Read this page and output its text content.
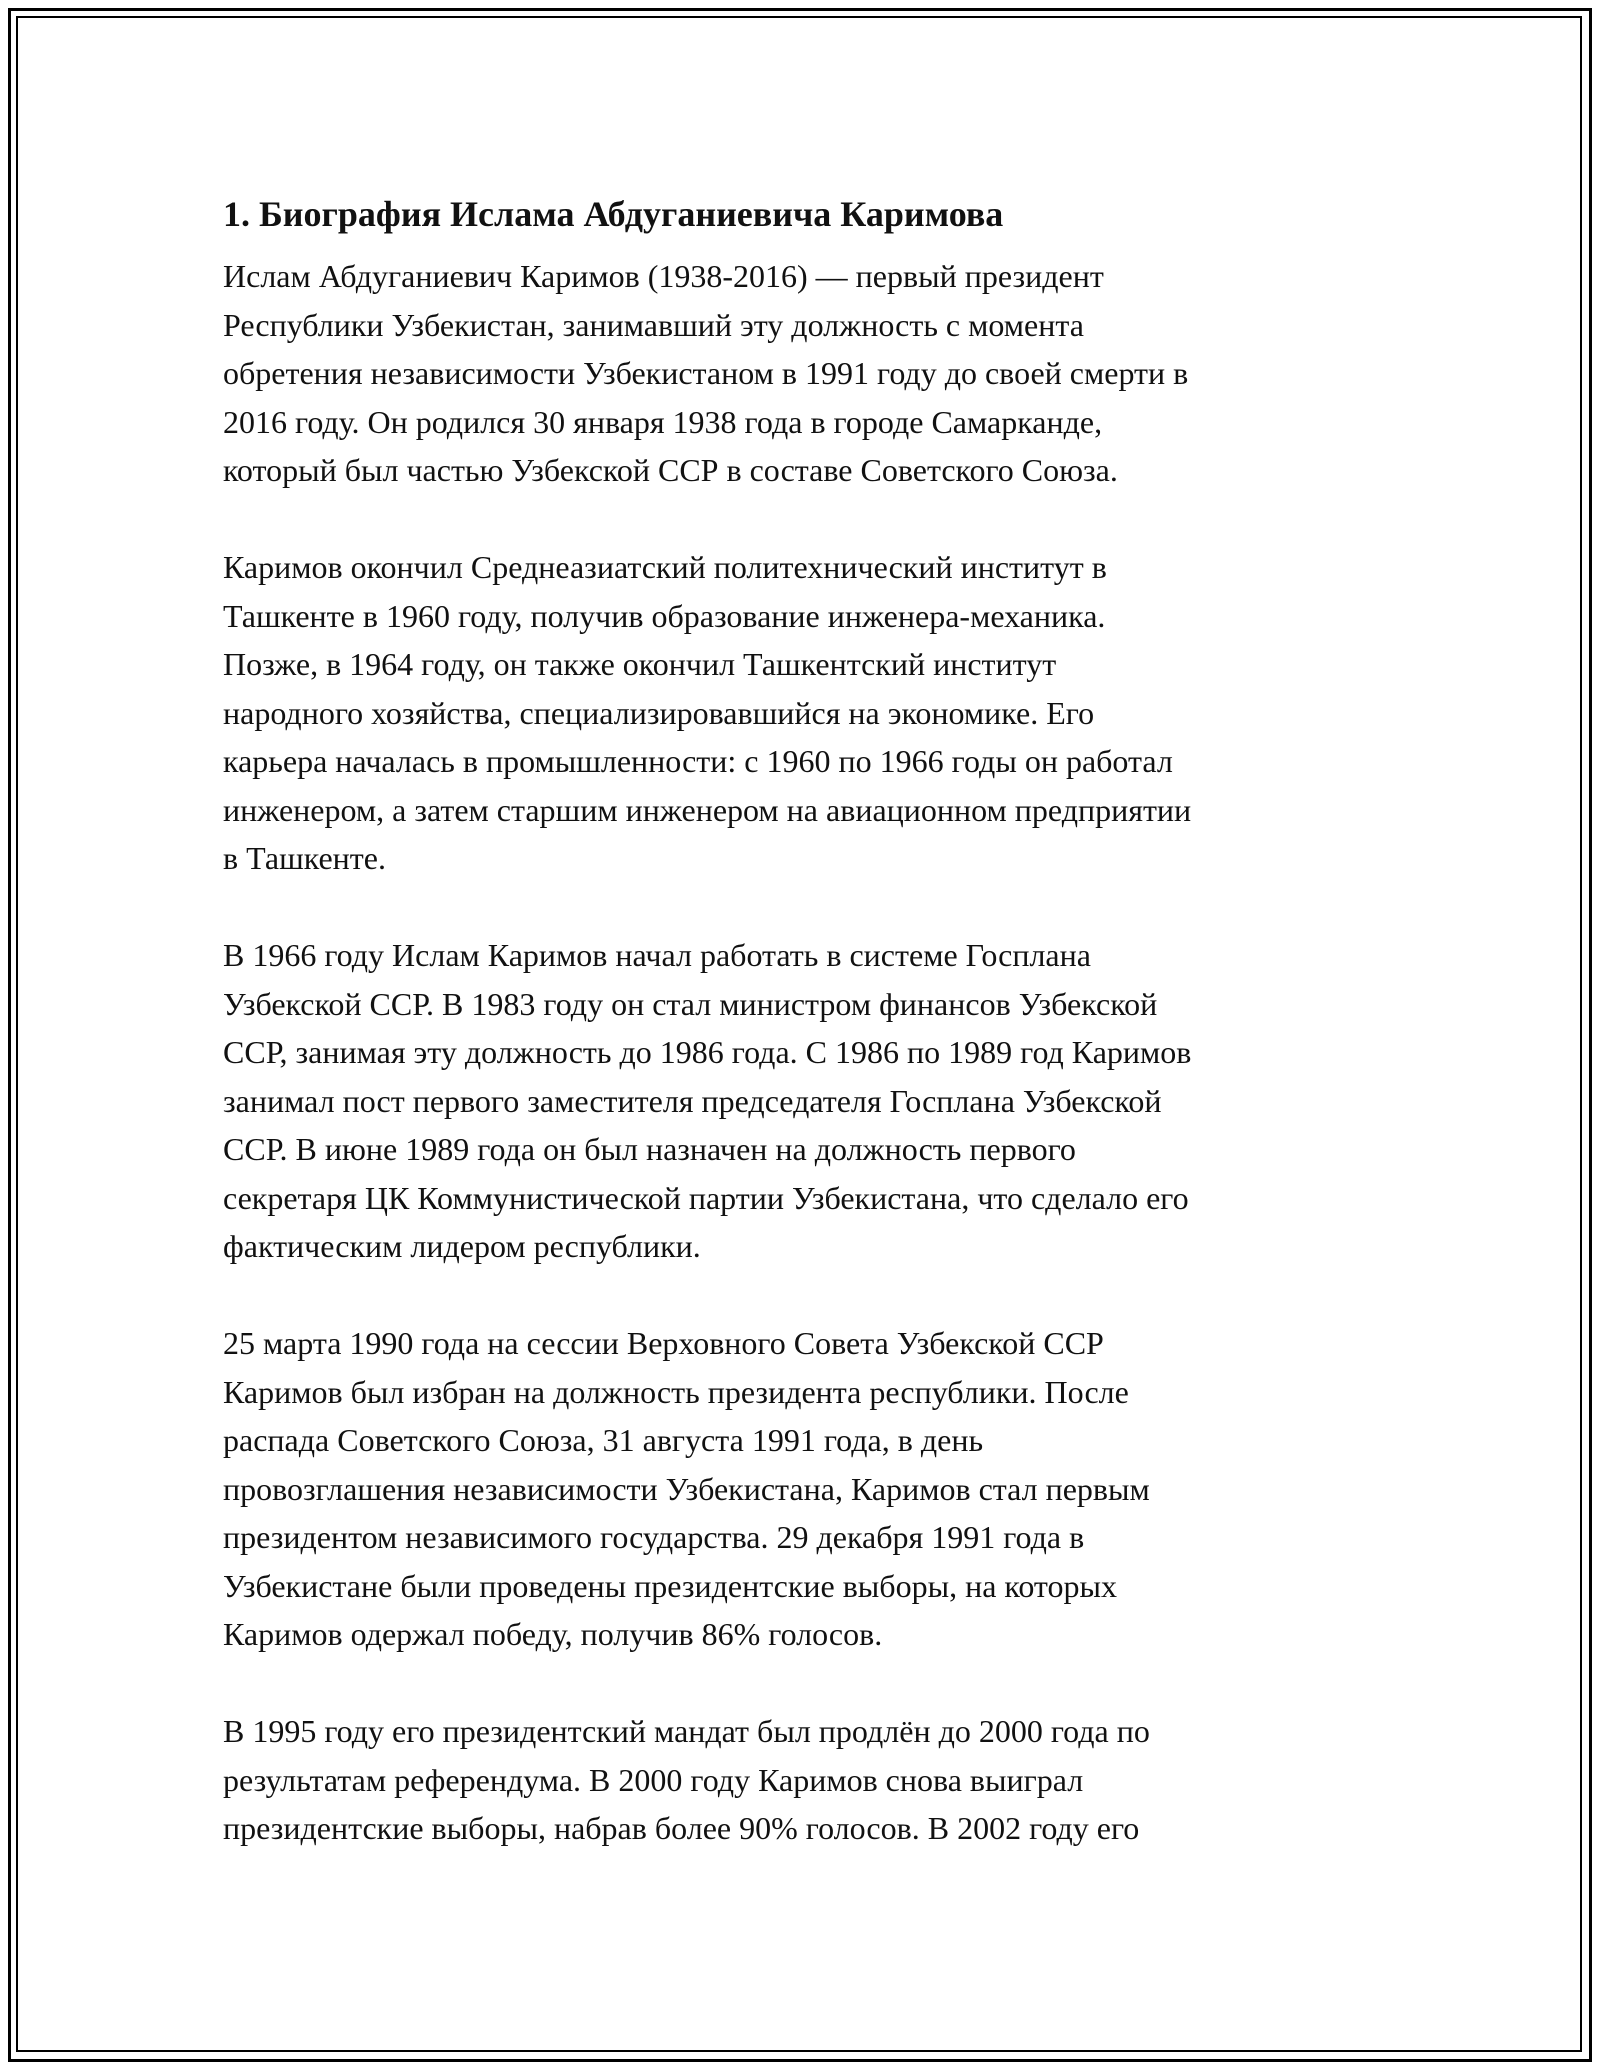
1. Биография Ислама Абдуганиевича Каримова

Ислам Абдуганиевич Каримов (1938-2016) — первый президент
Республики Узбекистан, занимавший эту должность с момента
обретения независимости Узбекистаном в 1991 году до своей смерти в
2016 году. Он родился 30 января 1938 года в городе Самарканде,
который был частью Узбекской ССР в составе Советского Союза.

Каримов окончил Среднеазиатский политехнический институт в
Ташкенте в 1960 году, получив образование инженера-механика.
Позже, в 1964 году, он также окончил Ташкентский институт
народного хозяйства, специализировавшийся на экономике. Его
карьера началась в промышленности: с 1960 по 1966 годы он работал
инженером, а затем старшим инженером на авиационном предприятии
в Ташкенте.

В 1966 году Ислам Каримов начал работать в системе Госплана
Узбекской ССР. В 1983 году он стал министром финансов Узбекской
ССР, занимая эту должность до 1986 года. С 1986 по 1989 год Каримов
занимал пост первого заместителя председателя Госплана Узбекской
ССР. В июне 1989 года он был назначен на должность первого
секретаря ЦК Коммунистической партии Узбекистана, что сделало его
фактическим лидером республики.

25 марта 1990 года на сессии Верховного Совета Узбекской ССР
Каримов был избран на должность президента республики. После
распада Советского Союза, 31 августа 1991 года, в день
провозглашения независимости Узбекистана, Каримов стал первым
президентом независимого государства. 29 декабря 1991 года в
Узбекистане были проведены президентские выборы, на которых
Каримов одержал победу, получив 86% голосов.

В 1995 году его президентский мандат был продлён до 2000 года по
результатам референдума. В 2000 году Каримов снова выиграл
президентские выборы, набрав более 90% голосов. В 2002 году его
